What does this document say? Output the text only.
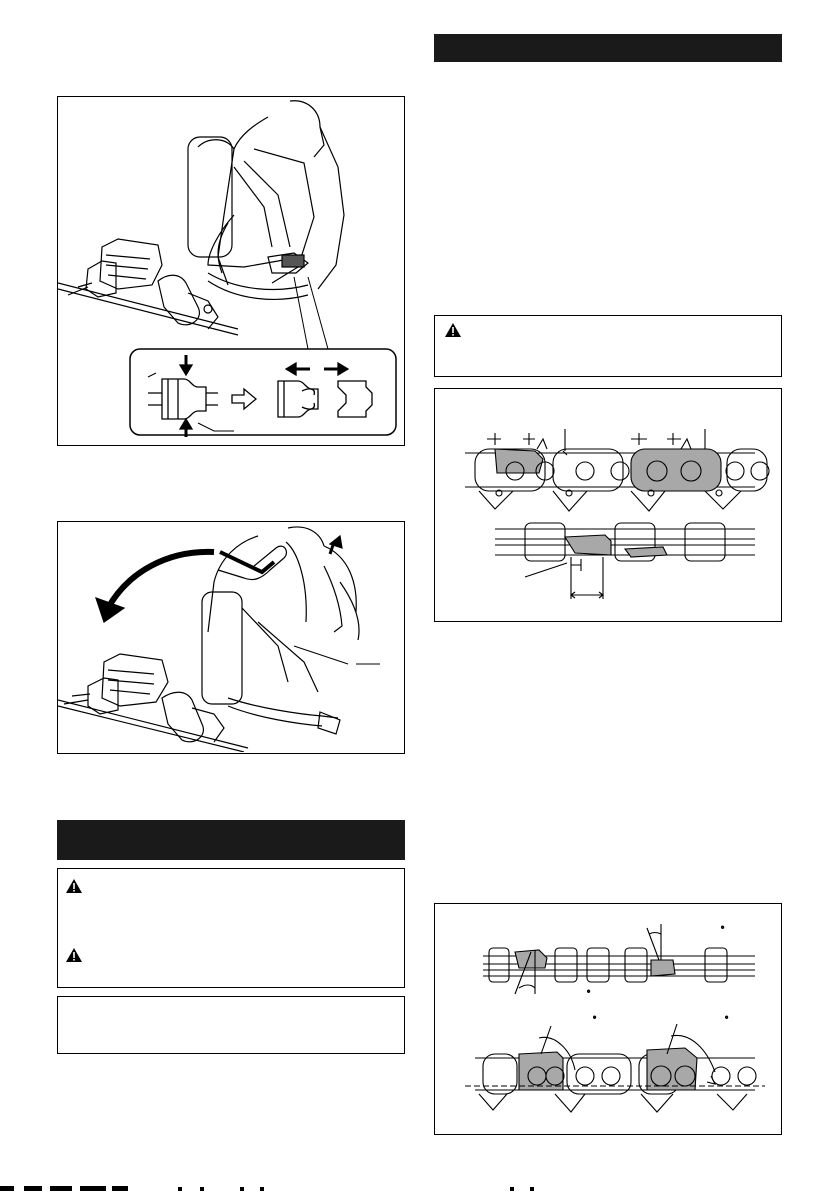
°
°
°	°
